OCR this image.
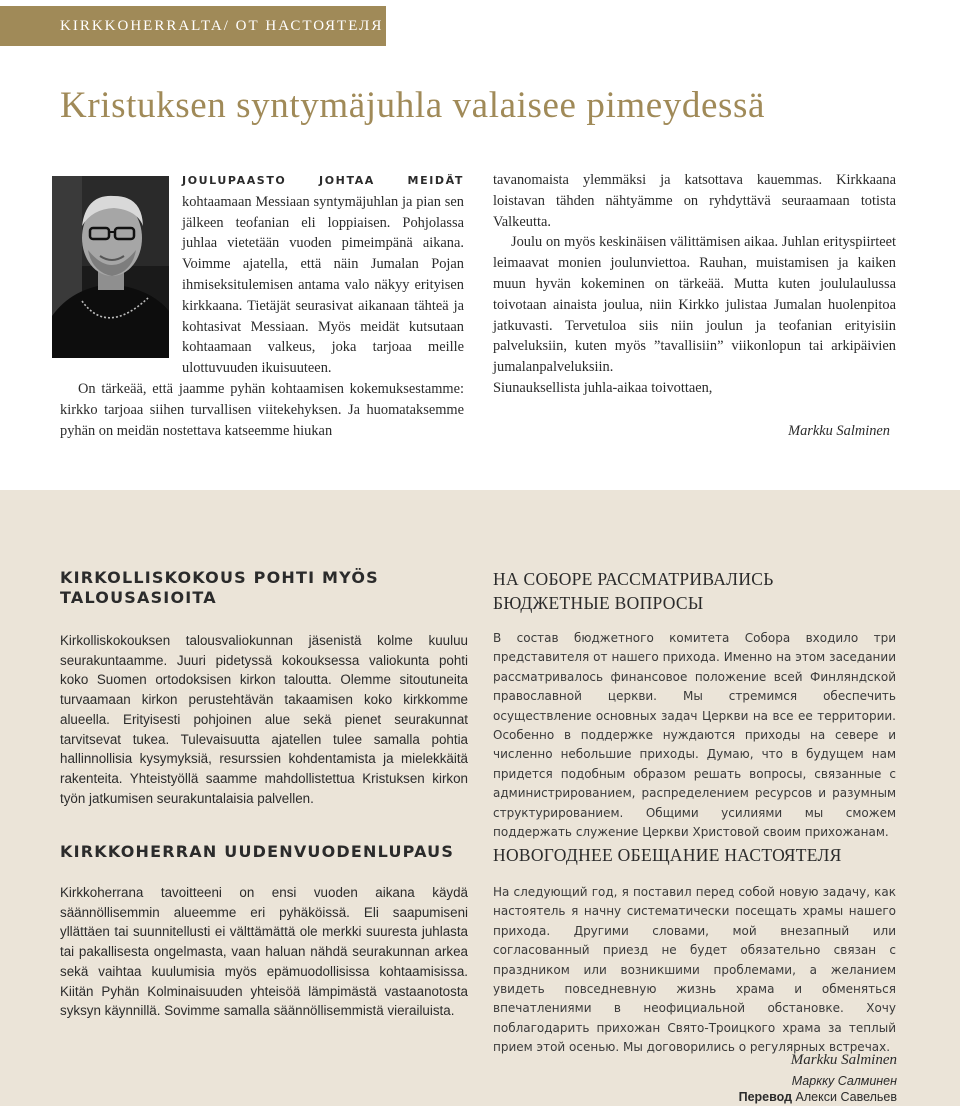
KIRKKOHERRALTA/ ОТ НАСТОЯТЕЛЯ
Kristuksen syntymäjuhla valaisee pimeydessä

JOULUPAASTO JOHTAA MEIDÄT kohtaamaan Messiaan syntymäjuhlan ja pian sen jälkeen teofanian eli loppiaisen. Pohjolassa juhlaa vietetään vuoden pimeimpänä aikana. Voimme ajatella, että näin Jumalan Pojan ihmiseksitulemisen antama valo näkyy erityisen kirkkaana. Tietäjät seurasivat aikanaan tähteä ja kohtasivat Messiaan. Myös meidät kutsutaan kohtaamaan valkeus, joka tarjoaa meille ulottuvuuden ikuisuuteen.

On tärkeää, että jaamme pyhän kohtaamisen kokemuksestamme: kirkko tarjoaa siihen turvallisen viitekehyksen. Ja huomataksemme pyhän on meidän nostettava katseemme hiukan

tavanomaista ylemmäksi ja katsottava kauemmas. Kirkkaana loistavan tähden nähtyämme on ryhdyttävä seuraamaan totista Valkeutta.

Joulu on myös keskinäisen välittämisen aikaa. Juhlan erityspiirteet leimaavat monien joulunviettoa. Rauhan, muistamisen ja kaiken muun hyvän kokeminen on tärkeää. Mutta kuten joululaulussa toivotaan ainaista joulua, niin Kirkko julistaa Jumalan huolenpitoa jatkuvasti. Tervetuloa siis niin joulun ja teofanian erityisiin palveluksiin, kuten myös ”tavallisiin” viikonlopun tai arkipäivien jumalanpalveluksiin.

Siunauksellista juhla-aikaa toivottaen,

Markku Salminen
KIRKOLLISKOKOUS POHTI MYÖS TALOUSASIOITA

Kirkolliskokouksen talousvaliokunnan jäsenistä kolme kuuluu seurakuntaamme. Juuri pidetyssä kokouksessa valiokunta pohti koko Suomen ortodoksisen kirkon taloutta. Olemme sitoutuneita turvaamaan kirkon perustehtävän takaamisen koko kirkkomme alueella. Erityisesti pohjoinen alue sekä pienet seurakunnat tarvitsevat tukea. Tulevaisuutta ajatellen tulee samalla pohtia hallinnollisia kysymyksiä, resurssien kohdentamista ja mielekkäitä rakenteita. Yhteistyöllä saamme mahdollistettua Kristuksen kirkon työn jatkumisen seurakuntalaisia palvellen.

KIRKKOHERRAN UUDENVUODENLUPAUS

Kirkkoherrana tavoitteeni on ensi vuoden aikana käydä säännöllisemmin alueemme eri pyhäköissä. Eli saapumiseni yllättäen tai suunnitellusti ei välttämättä ole merkki suuresta juhlasta tai pakallisesta ongelmasta, vaan haluan nähdä seurakunnan arkea sekä vaihtaa kuulumisia myös epämuodollisissa kohtaamisissa. Kiitän Pyhän Kolminaisuuden yhteisöä lämpimästä vastaanotosta syksyn käynnillä. Sovimme samalla säännöllisemmistä vierailuista.

НА СОБОРЕ РАССМАТРИВАЛИСЬ
БЮДЖЕТНЫЕ ВОПРОСЫ

В состав бюджетного комитета Собора входило три представителя от нашего прихода. Именно на этом заседании рассматривалось финансовое положение всей Финляндской православной церкви. Мы стремимся обеспечить осуществление основных задач Церкви на все ее территории. Особенно в поддержке нуждаются приходы на севере и численно небольшие приходы. Думаю, что в будущем нам придется подобным образом решать вопросы, связанные с администрированием, распределением ресурсов и разумным структурированием. Общими усилиями мы сможем поддержать служение Церкви Христовой своим прихожанам.

НОВОГОДНЕЕ ОБЕЩАНИЕ НАСТОЯТЕЛЯ

На следующий год, я поставил перед собой новую задачу, как настоятель я начну систематически посещать храмы нашего прихода. Другими словами, мой внезапный или согласованный приезд не будет обязательно связан с праздником или возникшими проблемами, а желанием увидеть повседневную жизнь храма и обменяться впечатлениями в неофициальной обстановке. Хочу поблагодарить прихожан Свято-Троицкого храма за теплый прием этой осенью. Мы договорились о регулярных встречах.

Markku Salminen

Маркку Салминен

Перевод Алекси Савельев
